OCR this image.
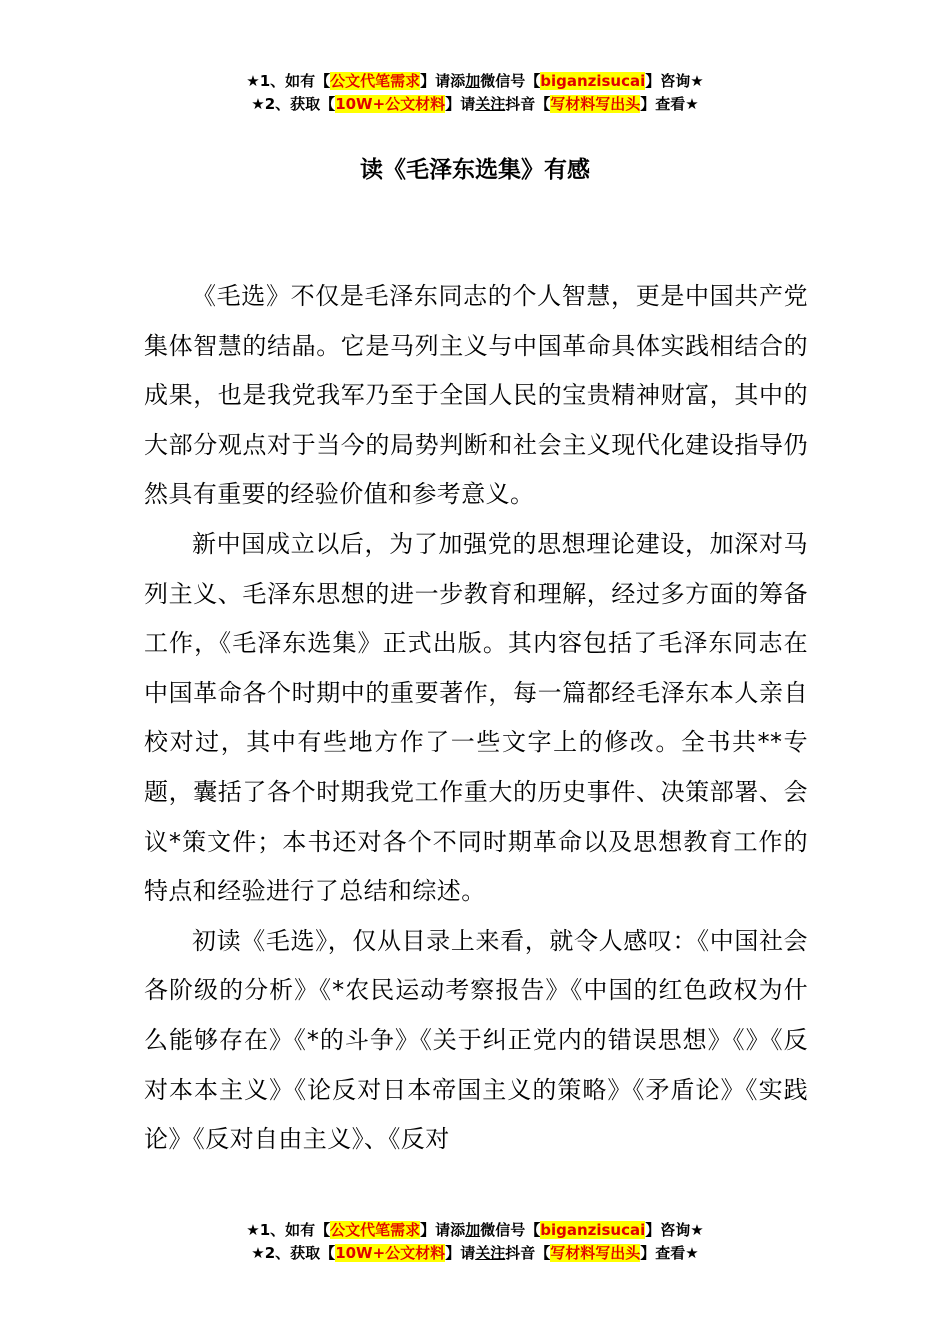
★1、如有【公文代笔需求】请添加微信号【biganzisucai】咨询★
★2、获取【10W+公文材料】请关注抖音【写材料写出头】查看★
读《毛泽东选集》有感

《毛选》不仅是毛泽东同志的个人智慧，更是中国共产党集体智慧的结晶。它是马列主义与中国革命具体实践相结合的成果，也是我党我军乃至于全国人民的宝贵精神财富，其中的大部分观点对于当今的局势判断和社会主义现代化建设指导仍然具有重要的经验价值和参考意义。

新中国成立以后，为了加强党的思想理论建设，加深对马列主义、毛泽东思想的进一步教育和理解，经过多方面的筹备工作，《毛泽东选集》正式出版。其内容包括了毛泽东同志在中国革命各个时期中的重要著作，每一篇都经毛泽东本人亲自校对过，其中有些地方作了一些文字上的修改。全书共**专题，囊括了各个时期我党工作重大的历史事件、决策部署、会议*策文件；本书还对各个不同时期革命以及思想教育工作的特点和经验进行了总结和综述。

初读《毛选》，仅从目录上来看，就令人感叹：《中国社会各阶级的分析》《*农民运动考察报告》《中国的红色政权为什么能够存在》《*的斗争》《关于纠正党内的错误思想》《》《反对本本主义》《论反对日本帝国主义的策略》《矛盾论》《实践论》《反对自由主义》、《反对

★1、如有【公文代笔需求】请添加微信号【biganzisucai】咨询★
★2、获取【10W+公文材料】请关注抖音【写材料写出头】查看★
